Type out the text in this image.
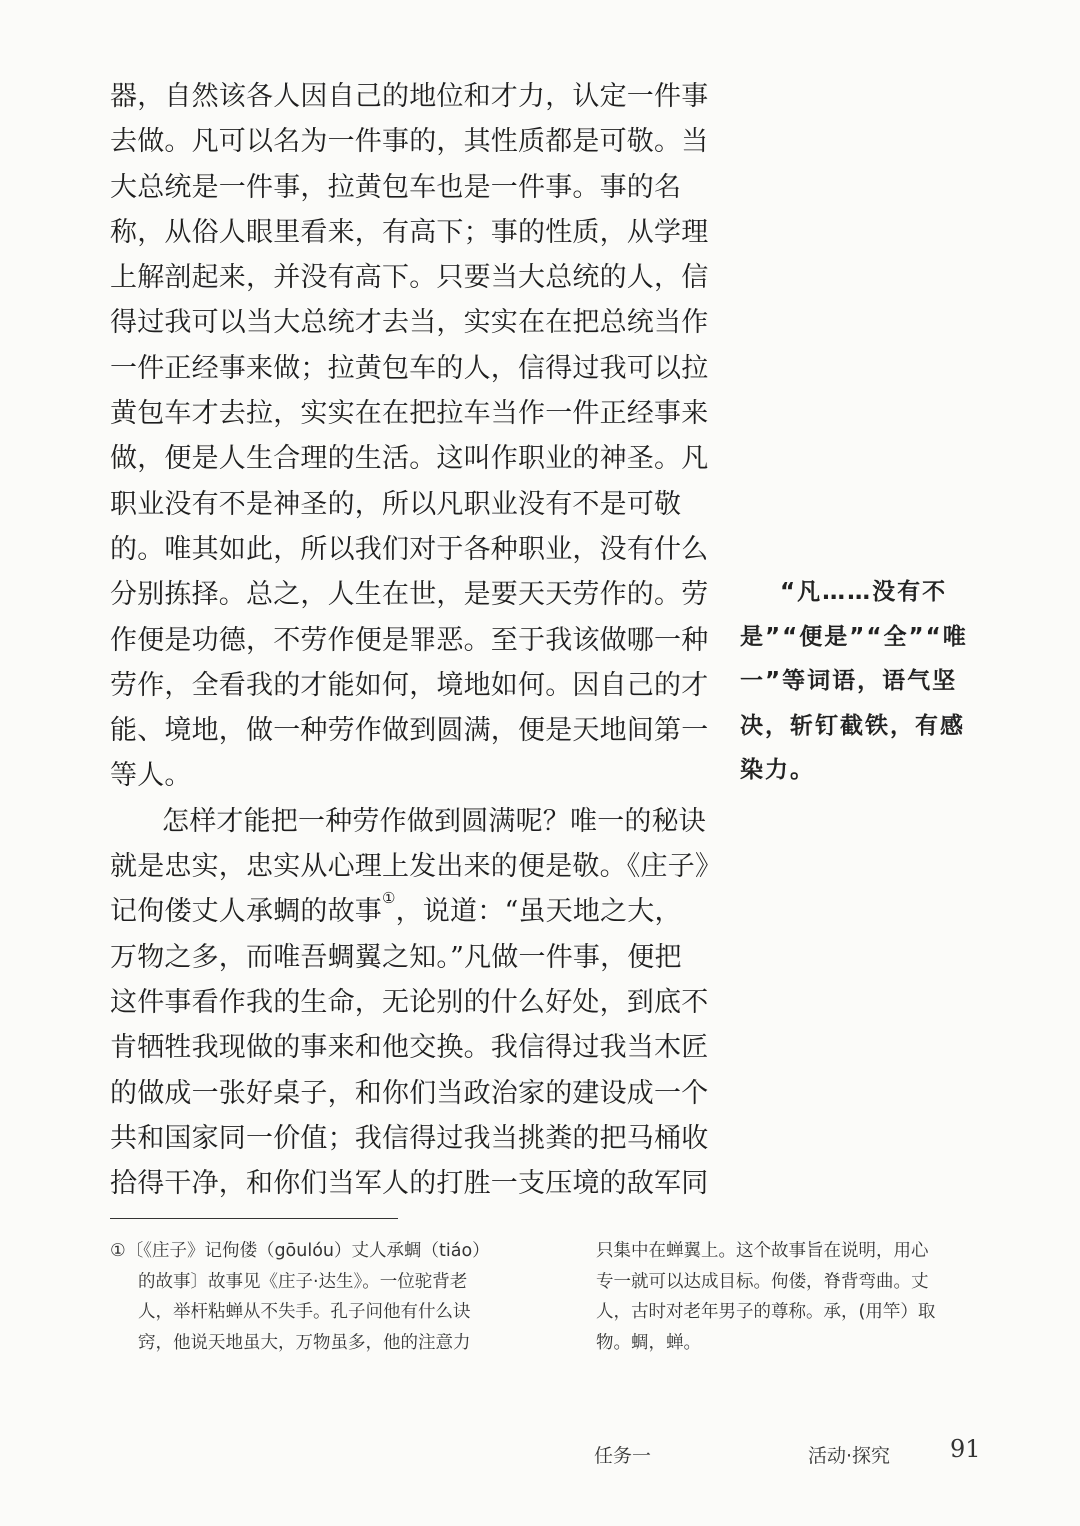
器，自然该各人因自己的地位和才力，认定一件事
去做。凡可以名为一件事的，其性质都是可敬。当
大总统是一件事，拉黄包车也是一件事。事的名
称，从俗人眼里看来，有高下；事的性质，从学理
上解剖起来，并没有高下。只要当大总统的人，信
得过我可以当大总统才去当，实实在在把总统当作
一件正经事来做；拉黄包车的人，信得过我可以拉
黄包车才去拉，实实在在把拉车当作一件正经事来
做，便是人生合理的生活。这叫作职业的神圣。凡
职业没有不是神圣的，所以凡职业没有不是可敬
的。唯其如此，所以我们对于各种职业，没有什么
分别拣择。总之，人生在世，是要天天劳作的。劳
作便是功德，不劳作便是罪恶。至于我该做哪一种
劳作，全看我的才能如何，境地如何。因自己的才
能、境地，做一种劳作做到圆满，便是天地间第一
等人。
怎样才能把一种劳作做到圆满呢？唯一的秘诀
就是忠实，忠实从心理上发出来的便是敬。《庄子》
记佝偻丈人承蜩的故事①，说道：“虽天地之大，
万物之多，而唯吾蜩翼之知。”凡做一件事，便把
这件事看作我的生命，无论别的什么好处，到底不
肯牺牲我现做的事来和他交换。我信得过我当木匠
的做成一张好桌子，和你们当政治家的建设成一个
共和国家同一价值；我信得过我当挑粪的把马桶收
拾得干净，和你们当军人的打胜一支压境的敌军同
“凡……没有不
是”“便是”“全”“唯
一”等词语，语气坚
决，斩钉截铁，有感
染力。
①〔《庄子》记佝偻（gōulóu）丈人承蜩（tiáo）
的故事〕故事见《庄子·达生》。一位驼背老
人，举杆粘蝉从不失手。孔子问他有什么诀
窍，他说天地虽大，万物虽多，他的注意力
只集中在蝉翼上。这个故事旨在说明，用心
专一就可以达成目标。佝偻，脊背弯曲。丈
人，古时对老年男子的尊称。承，(用竿）取
物。蜩，蝉。
任务一	活动·探究 91
